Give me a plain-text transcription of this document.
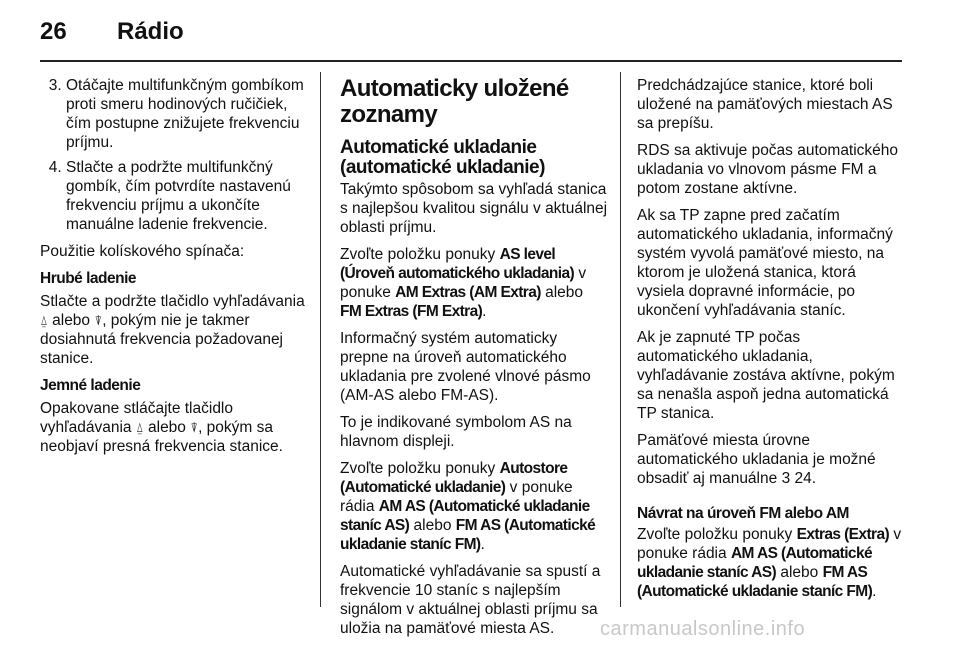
26 Rádio
3. Otáčajte multifunkčným gombíkom proti smeru hodinových ručičiek, čím postupne znižujete frekvenciu príjmu.
4. Stlačte a podržte multifunkčný gombík, čím potvrdíte nastavenú frekvenciu príjmu a ukončíte manuálne ladenie frekvencie.

Použitie kolískového spínača:

Hrubé ladenie

Stlačte a podržte tlačidlo vyhľadávania ⍙ alebo ⍒, pokým nie je takmer dosiahnutá frekvencia požadovanej stanice.

Jemné ladenie

Opakovane stláčajte tlačidlo vyhľadávania ⍙ alebo ⍒, pokým sa neobjaví presná frekvencia stanice.

Automaticky uložené zoznamy
Automatické ukladanie (automatické ukladanie)

Takýmto spôsobom sa vyhľadá stanica s najlepšou kvalitou signálu v aktuálnej oblasti príjmu.

Zvoľte položku ponuky AS level (Úroveň automatického ukladania) v ponuke AM Extras (AM Extra) alebo FM Extras (FM Extra).

Informačný systém automaticky prepne na úroveň automatického ukladania pre zvolené vlnové pásmo (AM-AS alebo FM-AS).

To je indikované symbolom AS na hlavnom displeji.

Zvoľte položku ponuky Autostore (Automatické ukladanie) v ponuke rádia AM AS (Automatické ukladanie staníc AS) alebo FM AS (Automatické ukladanie staníc FM).

Automatické vyhľadávanie sa spustí a frekvencie 10 staníc s najlepším signálom v aktuálnej oblasti príjmu sa uložia na pamäťové miesta AS.

Predchádzajúce stanice, ktoré boli uložené na pamäťových miestach AS sa prepíšu.

RDS sa aktivuje počas automatického ukladania vo vlnovom pásme FM a potom zostane aktívne.

Ak sa TP zapne pred začatím automatického ukladania, informačný systém vyvolá pamäťové miesto, na ktorom je uložená stanica, ktorá vysiela dopravné informácie, po ukončení vyhľadávania staníc.

Ak je zapnuté TP počas automatického ukladania, vyhľadávanie zostáva aktívne, pokým sa nenašla aspoň jedna automatická TP stanica.

Pamäťové miesta úrovne automatického ukladania je možné obsadiť aj manuálne 3 24.

Návrat na úroveň FM alebo AM

Zvoľte položku ponuky Extras (Extra) v ponuke rádia AM AS (Automatické ukladanie staníc AS) alebo FM AS (Automatické ukladanie staníc FM).

carmanualsonline.info
